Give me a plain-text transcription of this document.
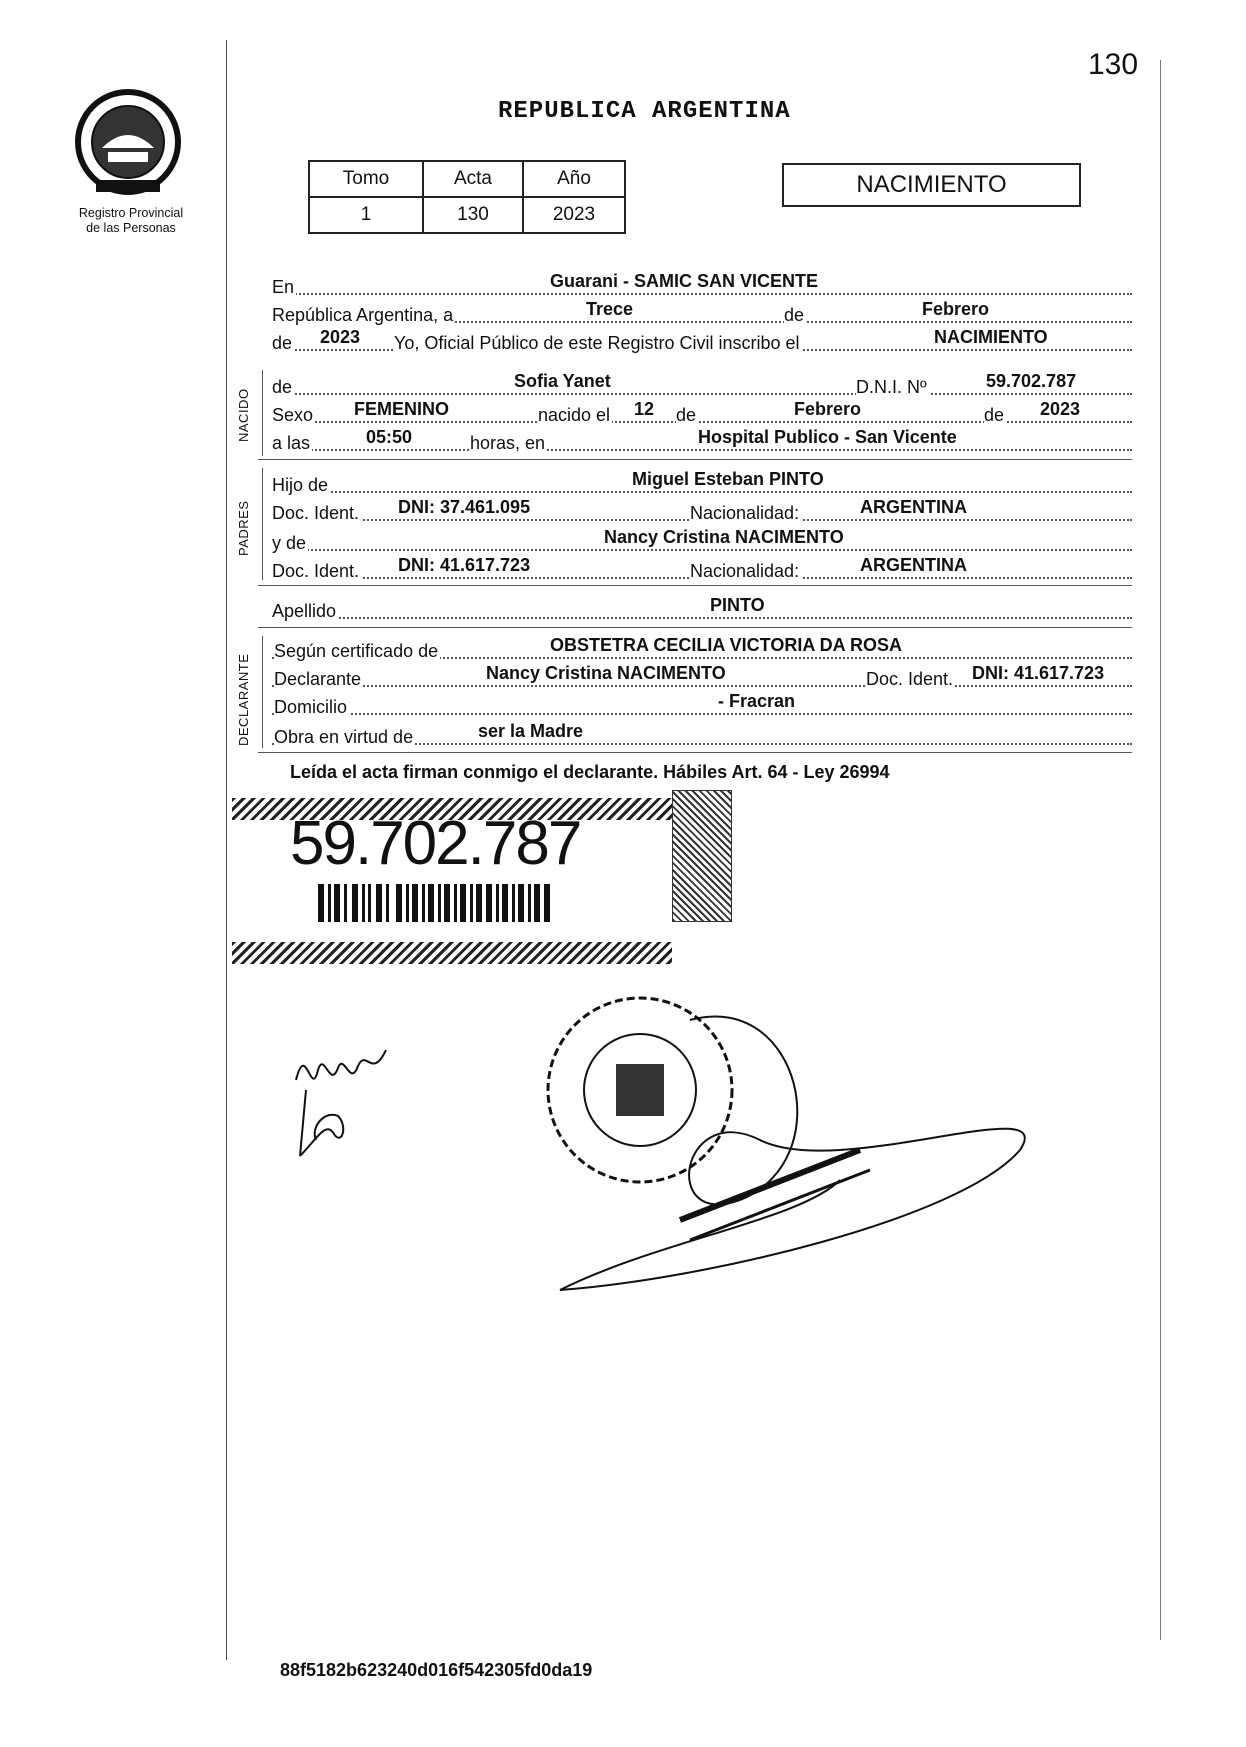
130
Registro Provincial
de las Personas
REPUBLICA ARGENTINA
Tomo	Acta	Año
1	130	2023
NACIMIENTO
En	Guarani - SAMIC SAN VICENTE
República Argentina, a	Trece	de	Febrero
de 2023 Yo, Oficial Público de este Registro Civil inscribo el	NACIMIENTO
NACIDO
de	Sofia Yanet	D.N.I. Nº	59.702.787
Sexo FEMENINO	nacido el 12 de	Febrero	de 2023
a las	05:50	horas, en	Hospital Publico - San Vicente
PADRES
Hijo de	Miguel Esteban PINTO
Doc. Ident. DNI: 37.461.095	Nacionalidad:	ARGENTINA
y de	Nancy Cristina NACIMENTO
Doc. Ident. DNI: 41.617.723	Nacionalidad:	ARGENTINA
Apellido	PINTO
DECLARANTE
Según certificado de	OBSTETRA CECILIA VICTORIA DA ROSA
Declarante	Nancy Cristina NACIMENTO	Doc. Ident. DNI: 41.617.723
Domicilio	- Fracran
Obra en virtud de	ser la Madre
Leída el acta firman conmigo el declarante. Hábiles Art. 64 - Ley 26994
59.702.787
88f5182b623240d016f542305fd0da19
